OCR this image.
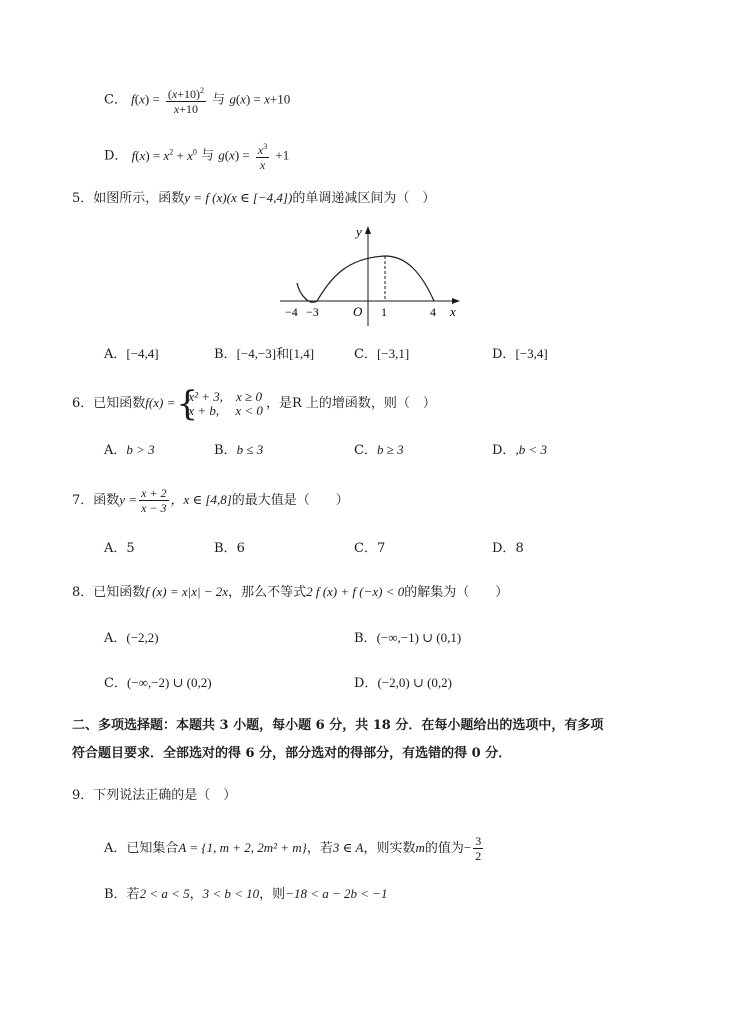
C． $f(x) = \frac{(x+10)^2}{x+10}$ 与 g(x) = x+10
D． $f(x) = x^2 + x^0$ 与 $g(x) = \frac{x^3}{x} +1$
5．如图所示，函数y = f (x)(x ∈ [−4,4])的单调递减区间为（　）
y
x
O
−4 −3	1	4
A．[−4,4]	B．[−4,−3]和[1,4]	C．[−3,1]	D．[−3,4]
6．已知函数f(x) =
{ x² + 3,　x ≥ 0
x + b,　 x < 0 ，是R 上的增函数，则（　）
A．b > 3	B．b ≤ 3	C．b ≥ 3	D．,b < 3
7．函数$y = \frac{x + 2}{x - 3}$ ，x ∈ [4,8]的最大值是（　　）
A．5	B．6	C．7	D．8
8．已知函数f (x) = x|x| − 2x，那么不等式2 f (x) + f (−x) < 0的解集为（　　）
A．(−2,2)	B．(−∞,−1) ∪ (0,1)
C．(−∞,−2) ∪ (0,2)	D．(−2,0) ∪ (0,2)
二、多项选择题：本题共 3 小题，每小题 6 分，共 18 分．在每小题给出的选项中，有多项
符合题目要求．全部选对的得 6 分，部分选对的得部分，有选错的得 0 分．
9．下列说法正确的是（　）
A．已知集合A = {1, m + 2, 2m² + m}，若3 ∈ A，则实数m的值为− $\frac{3}{2}$
B．若2 < a < 5，3 < b < 10，则−18 < a − 2b < −1
